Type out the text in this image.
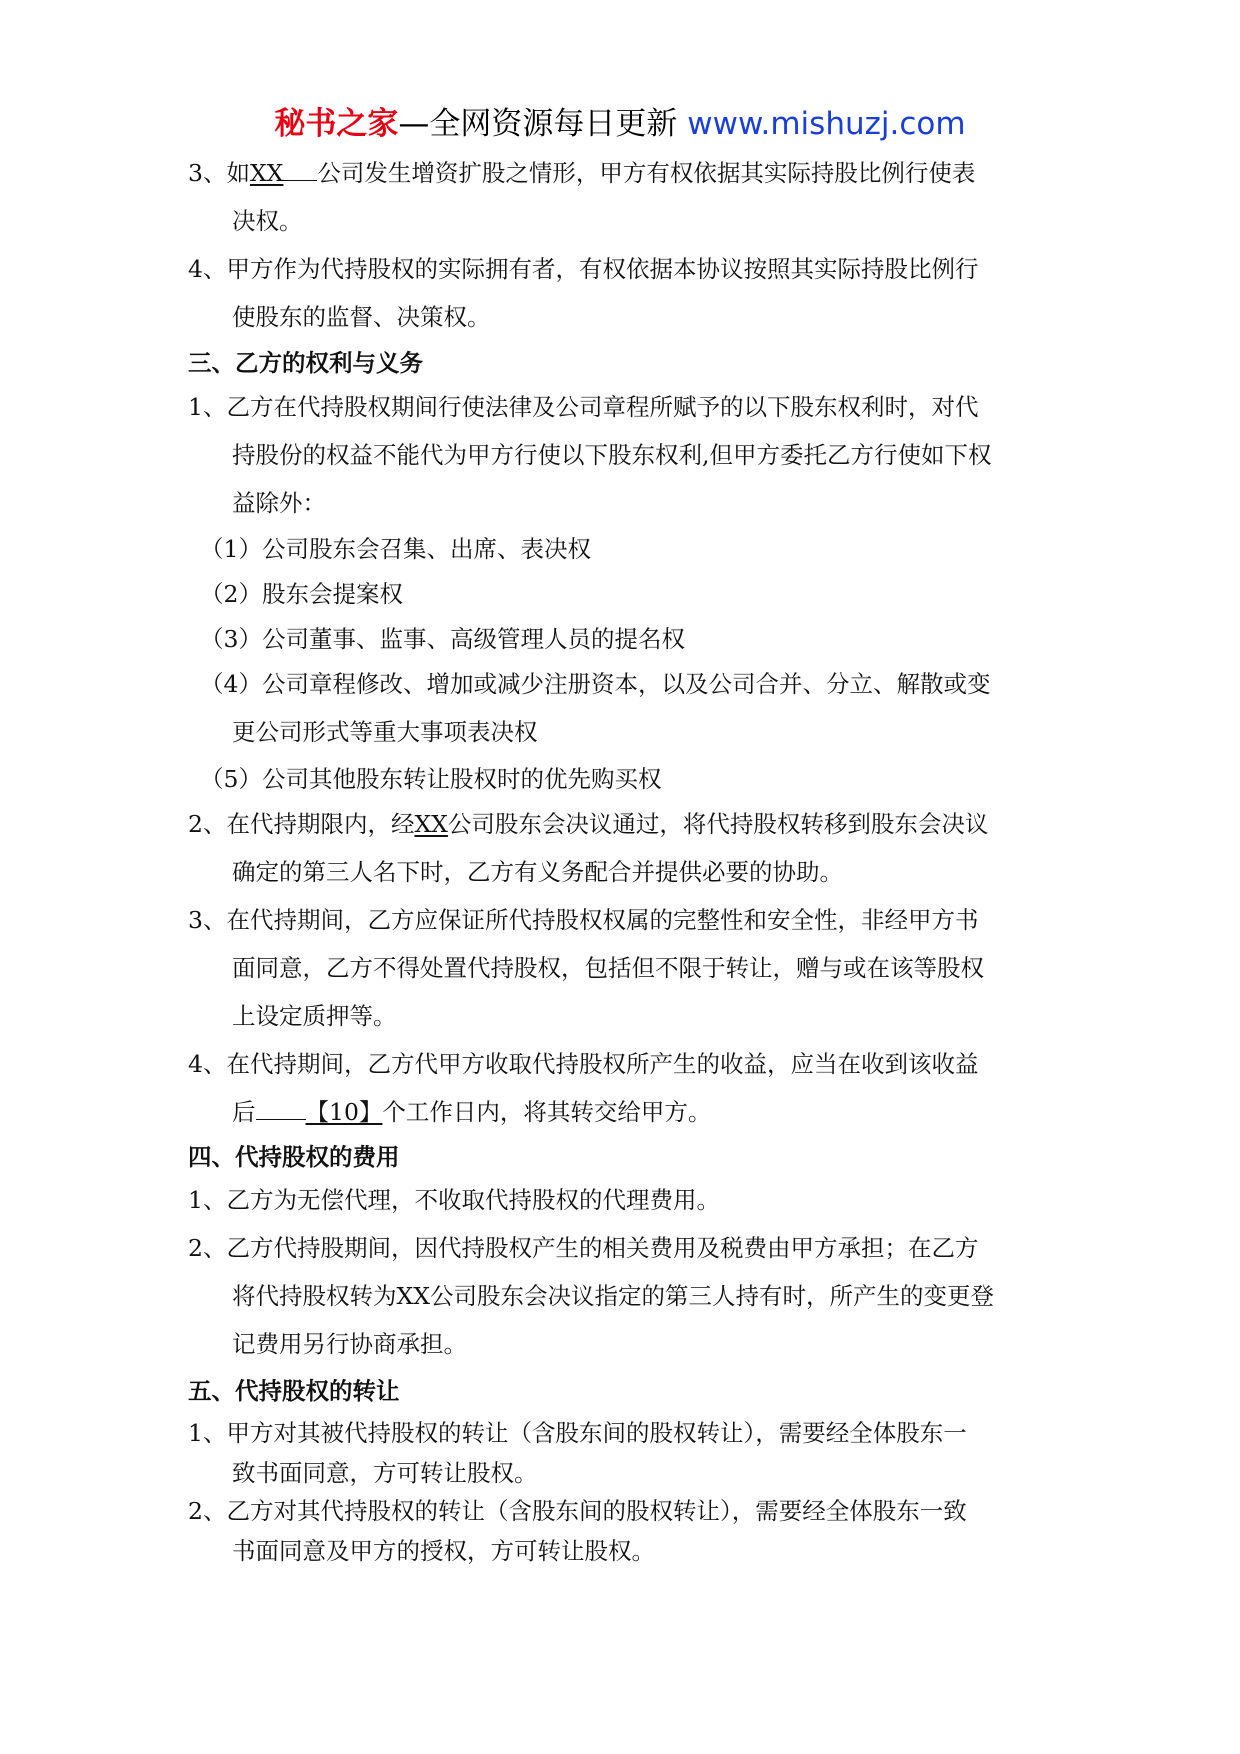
秘书之家—全网资源每日更新 www.mishuzj.com
3、如XX 公司发生增资扩股之情形，甲方有权依据其实际持股比例行使表
决权。
4、甲方作为代持股权的实际拥有者，有权依据本协议按照其实际持股比例行
使股东的监督、决策权。
三、乙方的权利与义务
1、乙方在代持股权期间行使法律及公司章程所赋予的以下股东权利时，对代
持股份的权益不能代为甲方行使以下股东权利,但甲方委托乙方行使如下权
益除外：
（1）公司股东会召集、出席、表决权
（2）股东会提案权
（3）公司董事、监事、高级管理人员的提名权
（4）公司章程修改、增加或减少注册资本，以及公司合并、分立、解散或变
更公司形式等重大事项表决权
（5）公司其他股东转让股权时的优先购买权
2、在代持期限内，经XX公司股东会决议通过，将代持股权转移到股东会决议
确定的第三人名下时，乙方有义务配合并提供必要的协助。
3、在代持期间，乙方应保证所代持股权权属的完整性和安全性，非经甲方书
面同意，乙方不得处置代持股权，包括但不限于转让，赠与或在该等股权
上设定质押等。
4、在代持期间，乙方代甲方收取代持股权所产生的收益，应当在收到该收益
后 【10】个工作日内，将其转交给甲方。
四、代持股权的费用
1、乙方为无偿代理，不收取代持股权的代理费用。
2、乙方代持股期间，因代持股权产生的相关费用及税费由甲方承担；在乙方
将代持股权转为XX公司股东会决议指定的第三人持有时，所产生的变更登
记费用另行协商承担。
五、代持股权的转让
1、甲方对其被代持股权的转让（含股东间的股权转让），需要经全体股东一
致书面同意，方可转让股权。
2、乙方对其代持股权的转让（含股东间的股权转让），需要经全体股东一致
书面同意及甲方的授权，方可转让股权。
